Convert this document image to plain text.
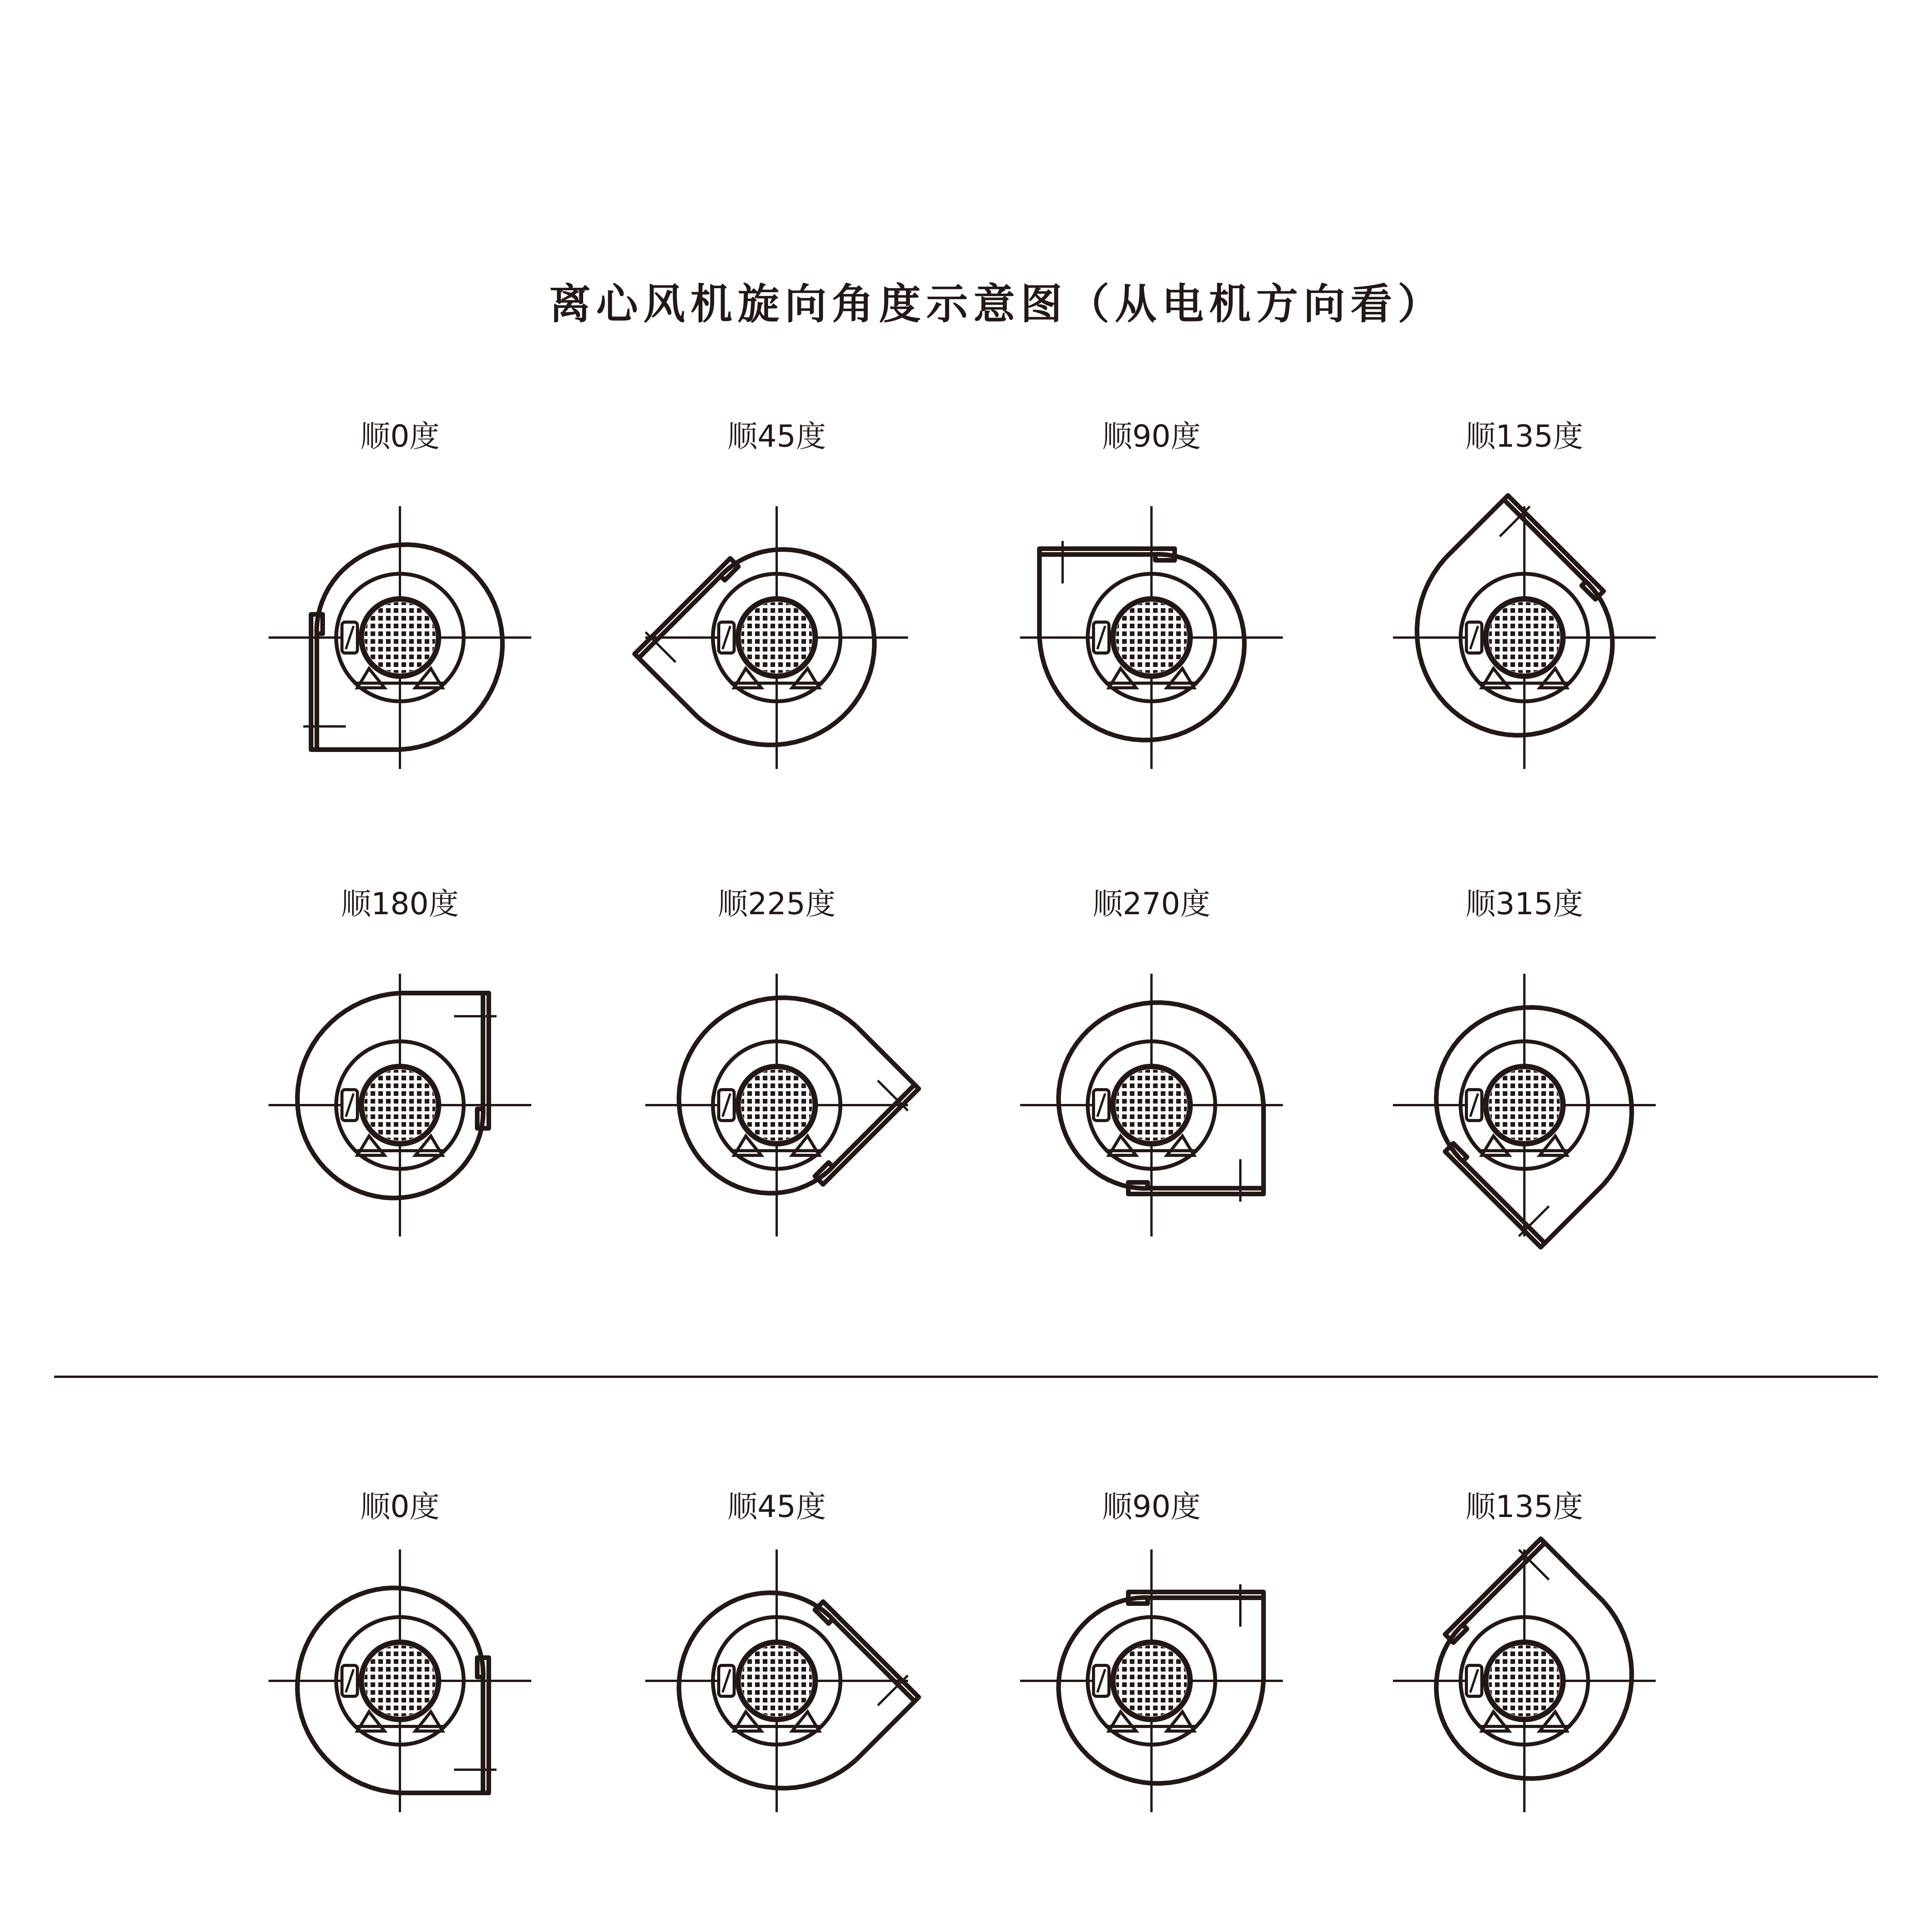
离心风机旋向角度示意图（从电机方向看）
顺0度	顺45度	顺90度	顺135度
顺180度	顺225度	顺270度	顺315度
顺0度	顺45度	顺90度	顺135度
